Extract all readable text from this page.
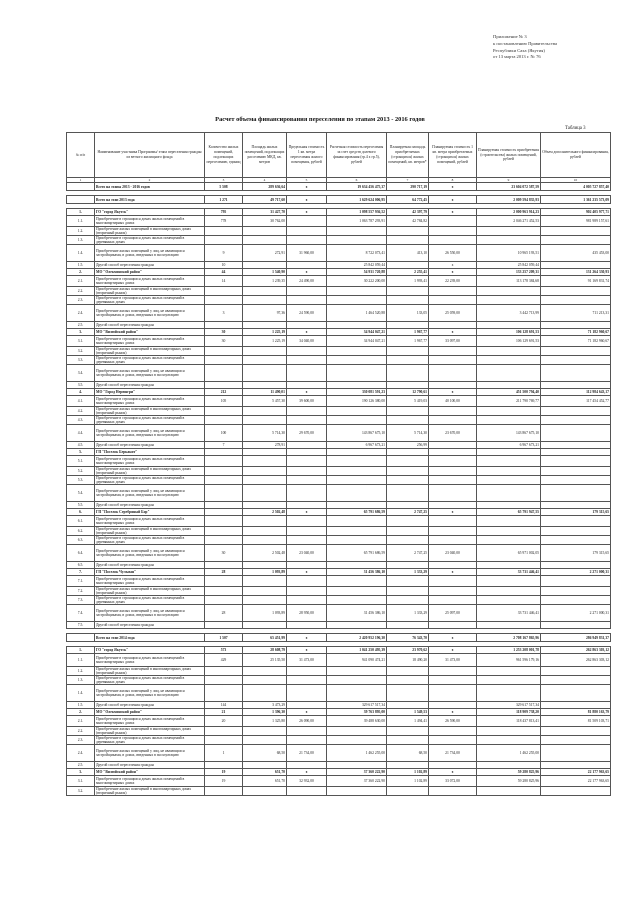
Приложение № 3
к постановлению Правительства
Республики Саха (Якутия)
от 13 марта 2013 г. № 76
Расчет объема финансирования переселения по этапам 2013 - 2016 годов
Таблица 3
№ п/п	Наименование участника Программы/ этапа переселения граждан из ветхого жилищного фонда	Количество жилых помещений, подлежащих переселению, единиц	Площадь жилых помещений, подлежащих расселению МКД, кв. метров	Предельная стоимость 1 кв. метра переселения жилого помещения, рублей	Расчетная стоимость переселения за счет средств долевого финансирования (гр.4 x гр.5), рублей	Планируемая площадь приобретаемых (строящихся) жилых помещений, кв. метров*	Планируемая стоимость 1 кв. метра приобретаемых (строящихся) жилых помещений, рублей	Планируемая стоимость приобретения (строительства) жилых помещений, рублей	Объем дополнительного финансирования, рублей
1	2	3	4	5	6	7	8	9	10
	Всего на этапы 2013 - 2016 годов	5 508	289 636,64	х	19 634 456 475,37	290 717,19	х	23 604 072 587,59	4 005 727 857,40

	Всего на этап 2013 года	1 271	49 717,60	х	1 629 624 006,95	64 772,45	х	2 009 594 835,93	1 361 235 573,09

1.	ГО "город Якутск"	795	31 427,70	х	1 098 557 936,52	42 397,79	х	2 000 963 914,23	902 405 977,71
1.1.	Приобретение в строящихся домах жилых помещений в многоквартирных домах	778	30 762,00		1 063 787 293,91	42 784,82		2 046 271 452,53	981 989 157,61
1.2.	Приобретение жилых помещений в многоквартирных домах (вторичный рынок)								
1.3.	Приобретение в строящихся домах жилых помещений в деревянных домах								
1.4.	Приобретение жилых помещений у лиц, не являющихся застройщиками, в домах, введенных в эксплуатацию	9	272,91	31 960,00	8 722 073,41	413,10	26 550,00	10 965 193,51	435 453,00
1.5.	Другой способ переселения граждан	10			25 842 059,44		х	25 842 059,44	
2.	МО "Олекминский район"	44	1 540,90	х	54 931 720,88	2 255,41	х	133 257 209,31	131 264 330,93
2.1.	Приобретение в строящихся домах жилых помещений в многоквартирных домах	14	1 239,35	24 490,00	30 222 200,00	1 993,41	22 239,00	113 178 384,68	91 169 831,74
2.2.	Приобретение жилых помещений в многоквартирных домах (вторичный рынок)								
2.3.	Приобретение в строящихся домах жилых помещений в деревянных домах								
2.4.	Приобретение жилых помещений у лиц, не являющихся застройщиками, в домах, введенных в эксплуатацию	3	97,36	24 590,00	1 464 520,88	133,05	25 059,00	3 442 713,99	711 213,31
2.5.	Другой способ переселения граждан								
3.	МО "Вилюйский район"	30	1 225,19	х	34 944 047,21	1 967,77	х	106 128 691,53	71 182 960,67
3.1.	Приобретение в строящихся домах жилых помещений в многоквартирных домах	30	1 225,19	34 040,00	34 944 047,21	1 967,77	33 097,00	106 129 691,53	71 182 960,67
3.2.	Приобретение жилых помещений в многоквартирных домах (вторичный рынок)								
3.3.	Приобретение в строящихся домах жилых помещений в деревянных домах								
3.4.	Приобретение жилых помещений у лиц, не являющихся застройщиками, в домах, введенных в эксплуатацию								
3.5.	Другой способ переселения граждан								
4.	МО "Город Нерюнгри"	212	11 490,01	х	330 081 591,23	12 790,61	х	451 500 794,40	112 984 643,17
4.1.	Приобретение в строящихся домах жилых помещений в многоквартирных домах	105	5 457,30	39 600,00	190 126 380,00	5 419,03	40 100,00	211 790 769,77	117 454 452,77
4.2.	Приобретение жилых помещений в многоквартирных домах (вторичный рынок)								
4.3.	Приобретение в строящихся домах жилых помещений в деревянных домах								
4.4.	Приобретение жилых помещений у лиц, не являющихся застройщиками, в домах, введенных в эксплуатацию	100	5 714,30	29 670,00	143 867 675,10	5 714,30	23 670,00	143 867 675,10	
4.5.	Другой способ переселения граждан	7	278,91		6 967 673,21	256,99		6 967 673,21	
5.	ГП "Поселок Беркакит"								
5.1.	Приобретение в строящихся домах жилых помещений в многоквартирных домах								
5.2.	Приобретение жилых помещений в многоквартирных домах (вторичный рынок)								
5.3.	Приобретение в строящихся домах жилых помещений в деревянных домах								
5.4.	Приобретение жилых помещений у лиц, не являющихся застройщиками, в домах, введенных в эксплуатацию								
5.5.	Другой способ переселения граждан								
6.	ГП "Поселок Серебряный Бор"		2 502,48	х	65 791 686,59	2 747,25	х	65 791 947,55	179 315,65
6.1.	Приобретение в строящихся домах жилых помещений в многоквартирных домах								
6.2.	Приобретение жилых помещений в многоквартирных домах (вторичный рынок)								
6.3.	Приобретение в строящихся домах жилых помещений в деревянных домах								
6.4.	Приобретение жилых помещений у лиц, не являющихся застройщиками, в домах, введенных в эксплуатацию	30	2 502,48	23 040,00	65 791 686,59	2 747,25	23 040,00	65 971 002,05	179 315,65
6.5.	Другой способ переселения граждан								
7.	ГП "Поселок Чульман"	28	1 093,89	х	31 456 386,10	1 333,29	х	33 731 446,41	2 271 000,31
7.1.	Приобретение в строящихся домах жилых помещений в многоквартирных домах								
7.2.	Приобретение жилых помещений в многоквартирных домах (вторичный рынок)								
7.3.	Приобретение в строящихся домах жилых помещений в деревянных домах								
7.4.	Приобретение жилых помещений у лиц, не являющихся застройщиками, в домах, введенных в эксплуатацию	28	1 093,89	28 950,00	31 456 386,10	1 333,29	25 097,00	33 731 446,41	2 271 000,31
7.5.	Другой способ переселения граждан								

	Всего на этап 2014 года	1 507	65 451,99	х	2 420 952 196,30	76 343,70	х	2 708 167 865,96	286 949 831,37

1.	ГО "город Якутск"	573	28 608,79	х	1 041 250 495,39	23 970,62	х	1 253 208 001,78	262 863 303,12
1.1.	Приобретение в строящихся домах жилых помещений в многоквартирных домах	429	25 135,50	31 473,00	941 090 474,21	18 490,20	31 473,00	961 596 179,16	262 863 303,12
1.2.	Приобретение жилых помещений в многоквартирных домах (вторичный рынок)								
1.3.	Приобретение в строящихся домах жилых помещений в деревянных домах								
1.4.	Приобретение жилых помещений у лиц, не являющихся застройщиками, в домах, введенных в эксплуатацию								
1.5.	Другой способ переселения граждан	144	3 473,29		329 617 517,34			329 617 517,34	
2.	МО "Олекминский район"	21	1 396,30	х	39 763 895,00	1 549,53	х	118 909 738,20	81 880 163,79
2.1.	Приобретение в строящихся домах жилых помещений в многоквартирных домах	20	1 325,80	26 090,00	39 488 630,00	1 494,41	26 590,00	118 437 813,41	81 509 103,71
2.2.	Приобретение жилых помещений в многоквартирных домах (вторичный рынок)								
2.3.	Приобретение в строящихся домах жилых помещений в деревянных домах								
2.4.	Приобретение жилых помещений у лиц, не являющихся застройщиками, в домах, введенных в эксплуатацию	1	68,50	21 734,00	1 462 255,00	68,50	21 734,00	1 462 255,00	
2.5.	Другой способ переселения граждан								
3.	МО "Вилюйский район"	19	651,70	х	37 360 222,90	1 102,89	х	59 280 825,96	22 177 963,65
3.1.	Приобретение в строящихся домах жилых помещений в многоквартирных домах	19	651,70	32 932,00	37 360 222,90	1 102,89	33 072,00	59 280 825,96	22 177 963,65
3.2.	Приобретение жилых помещений в многоквартирных домах (вторичный рынок)								
